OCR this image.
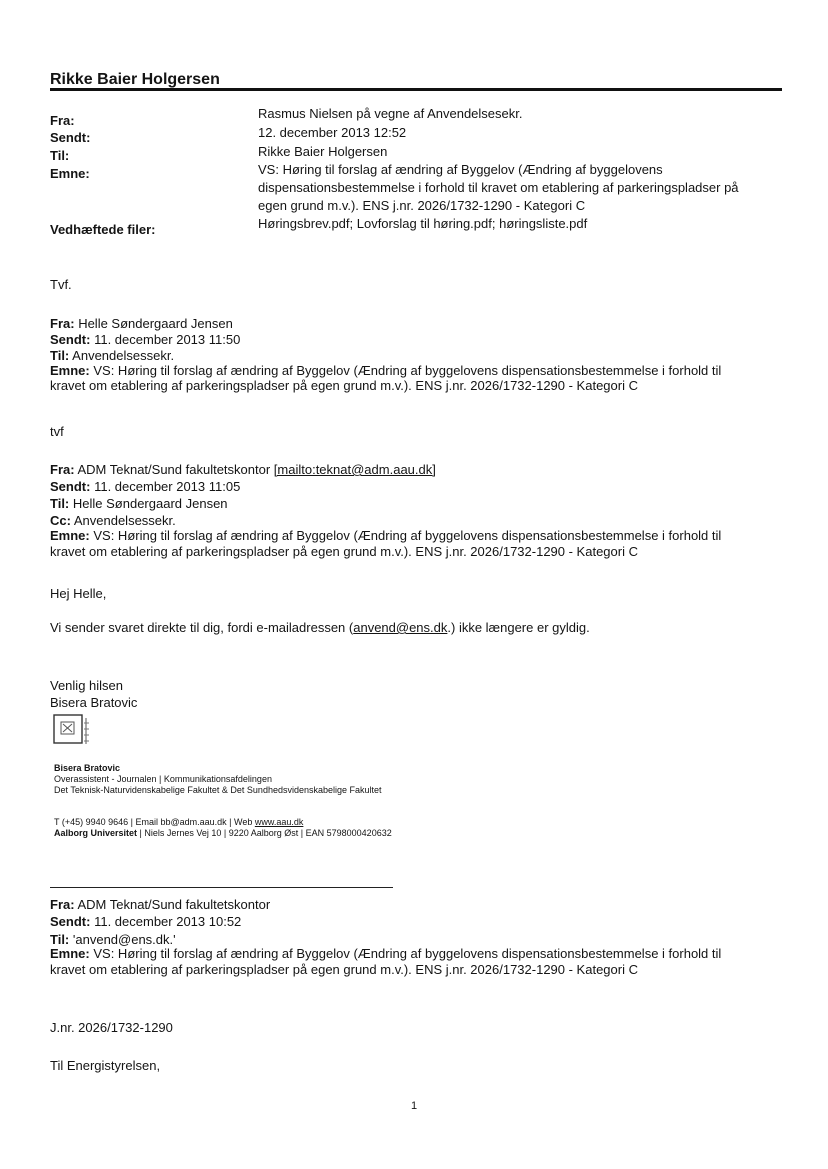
Rikke Baier Holgersen
Fra:	Rasmus Nielsen på vegne af Anvendelsesekr.
Sendt:	12. december 2013 12:52
Til:	Rikke Baier Holgersen
Emne:	VS: Høring til forslag af ændring af Byggelov (Ændring af byggelovens
dispensationsbestemmelse i forhold til kravet om etablering af parkeringspladser på
egen grund m.v.). ENS j.nr. 2026/1732-1290 - Kategori C
Vedhæftede filer:	Høringsbrev.pdf; Lovforslag til høring.pdf; høringsliste.pdf
Tvf.
Fra: Helle Søndergaard Jensen
Sendt: 11. december 2013 11:50
Til: Anvendelsessekr.
Emne: VS: Høring til forslag af ændring af Byggelov (Ændring af byggelovens dispensationsbestemmelse i forhold til
kravet om etablering af parkeringspladser på egen grund m.v.). ENS j.nr. 2026/1732-1290 - Kategori C
tvf
Fra: ADM Teknat/Sund fakultetskontor [mailto:teknat@adm.aau.dk]
Sendt: 11. december 2013 11:05
Til: Helle Søndergaard Jensen
Cc: Anvendelsessekr.
Emne: VS: Høring til forslag af ændring af Byggelov (Ændring af byggelovens dispensationsbestemmelse i forhold til
kravet om etablering af parkeringspladser på egen grund m.v.). ENS j.nr. 2026/1732-1290 - Kategori C
Hej Helle,
Vi sender svaret direkte til dig, fordi e-mailadressen (anvend@ens.dk.) ikke længere er gyldig.
Venlig hilsen
Bisera Bratovic
Bisera Bratovic
Overassistent - Journalen | Kommunikationsafdelingen
Det Teknisk-Naturvidenskabelige Fakultet & Det Sundhedsvidenskabelige Fakultet
T (+45) 9940 9646 | Email bb@adm.aau.dk | Web www.aau.dk
Aalborg Universitet | Niels Jernes Vej 10 | 9220 Aalborg Øst | EAN 5798000420632
Fra: ADM Teknat/Sund fakultetskontor
Sendt: 11. december 2013 10:52
Til: 'anvend@ens.dk.'
Emne: VS: Høring til forslag af ændring af Byggelov (Ændring af byggelovens dispensationsbestemmelse i forhold til
kravet om etablering af parkeringspladser på egen grund m.v.). ENS j.nr. 2026/1732-1290 - Kategori C
J.nr. 2026/1732-1290
Til Energistyrelsen,
1
